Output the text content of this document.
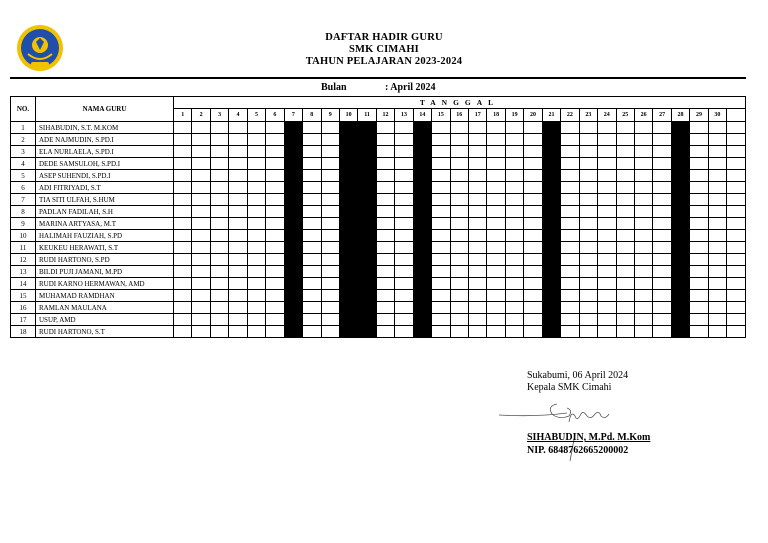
DAFTAR HADIR GURU
SMK CIMAHI
TAHUN PELAJARAN 2023-2024
Bulan	: April 2024
NO.	NAMA GURU	TANGGAL																														
		1	2	3	4	5	6	7	8	9	10	11	12	13	14	15	16	17	18	19	20	21	22	23	24	25	26	27	28	29	30	
1	SIHABUDIN, S.T. M.KOM																															
2	ADE NAJMUDIN, S.PD.I																															
3	ELA NURLAELA, S.PD.I																															
4	DEDE SAMSULOH, S.PD.I																															
5	ASEP SUHENDI, S.PD.I																															
6	ADI FITRIYADI, S.T																															
7	TIA SITI ULFAH, S.HUM																															
8	PADLAN FADILAH, S.H																															
9	MARINA ARTYASA, M.T																															
10	HALIMAH FAUZIAH, S.PD																															
11	KEUKEU HERAWATI, S.T																															
12	RUDI HARTONO, S.PD																															
13	BILDI PUJI JAMANI, M.PD																															
14	RUDI KARNO HERMAWAN, AMD																															
15	MUHAMAD RAMDHAN																															
16	RAMLAN MAULANA																															
17	USUP, AMD																															
18	RUDI HARTONO, S.T																															
Sukabumi, 06 April 2024
Kepala SMK Cimahi
SIHABUDIN, M.Pd. M.Kom
NIP. 6848762665200002
